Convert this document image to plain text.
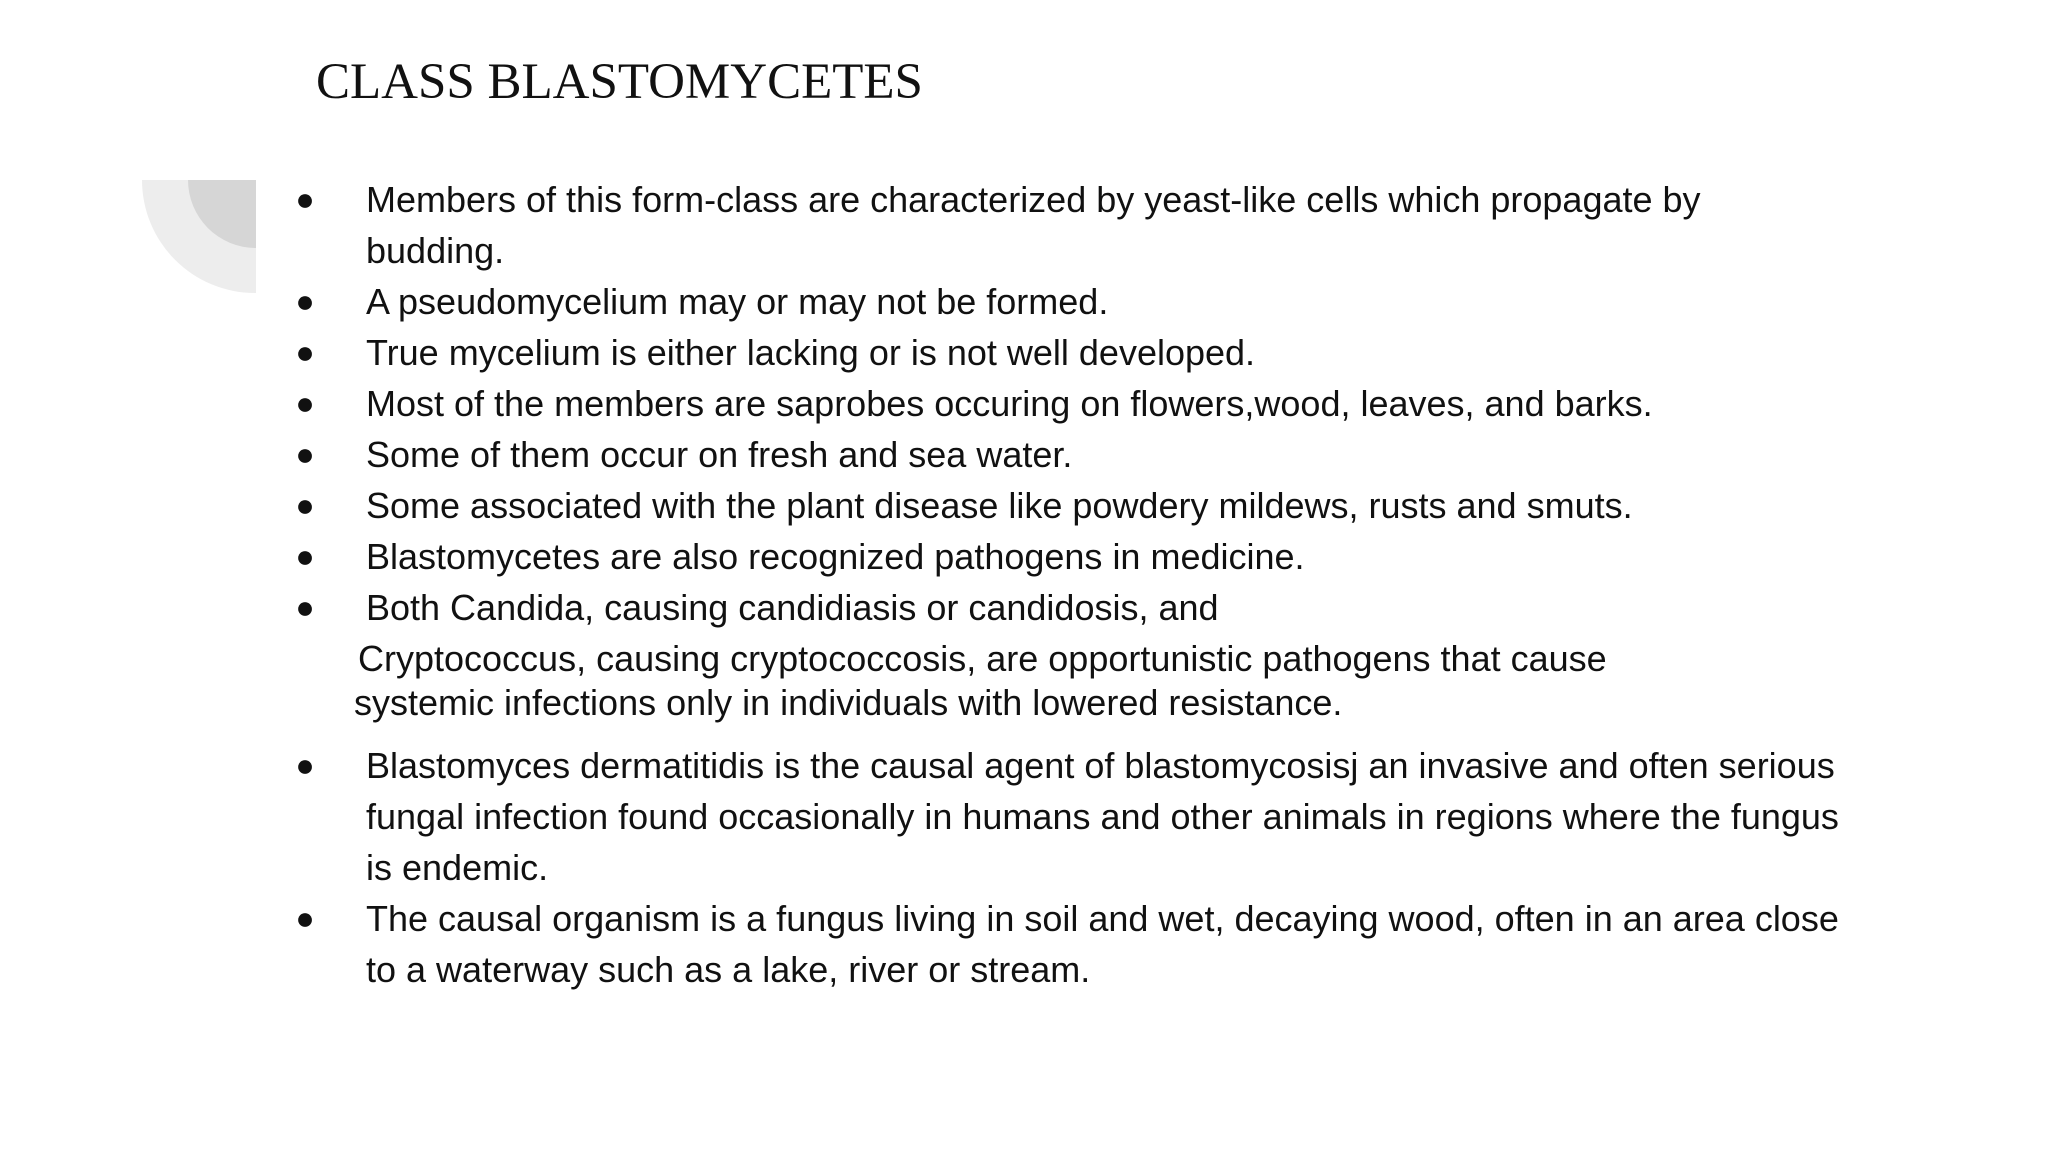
CLASS BLASTOMYCETES
● Members of this form-class are characterized by yeast-like cells which propagate by budding.
● A pseudomycelium may or may not be formed.
● True mycelium is either lacking or is not well developed.
● Most of the members are saprobes occuring on flowers,wood, leaves, and barks.
● Some of them occur on fresh and sea water.
● Some associated with the plant disease like powdery mildews, rusts and smuts.
● Blastomycetes are also recognized pathogens in medicine.
● Both Candida, causing candidiasis or candidosis, and
Cryptococcus, causing cryptococcosis, are opportunistic pathogens that cause
systemic infections only in individuals with lowered resistance.
● Blastomyces dermatitidis is the causal agent of blastomycosisj an invasive and often serious fungal infection found occasionally in humans and other animals in regions where the fungus is endemic.
● The causal organism is a fungus living in soil and wet, decaying wood, often in an area close to a waterway such as a lake, river or stream.
